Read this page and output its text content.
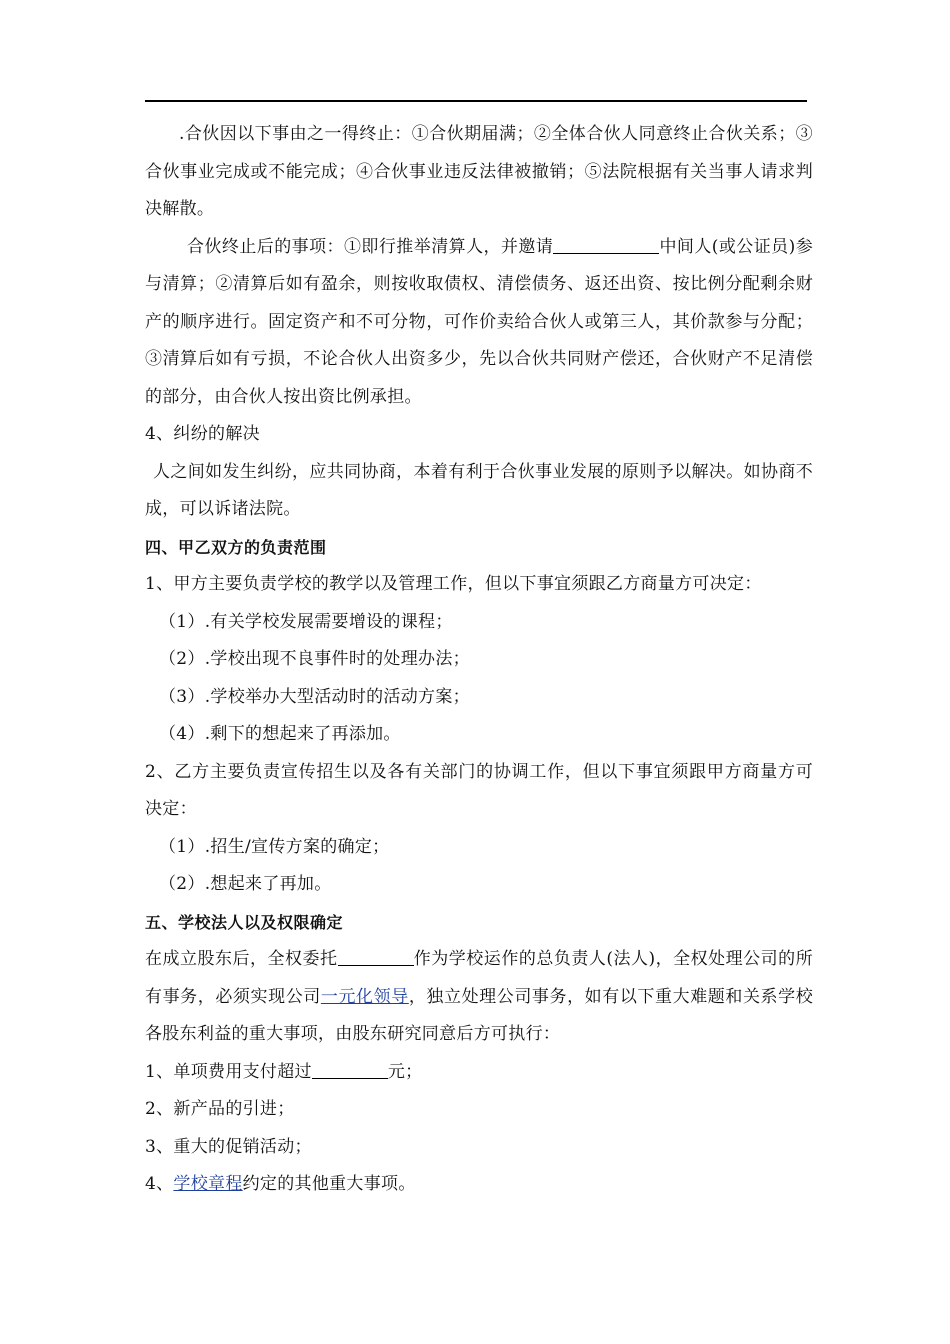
.合伙因以下事由之一得终止：①合伙期届满；②全体合伙人同意终止合伙关系；③合伙事业完成或不能完成；④合伙事业违反法律被撤销；⑤法院根据有关当事人请求判决解散。

合伙终止后的事项：①即行推举清算人，并邀请	中间人(或公证员)参与清算；②清算后如有盈余，则按收取债权、清偿债务、返还出资、按比例分配剩余财产的顺序进行。固定资产和不可分物，可作价卖给合伙人或第三人，其价款参与分配；③清算后如有亏损，不论合伙人出资多少，先以合伙共同财产偿还，合伙财产不足清偿的部分，由合伙人按出资比例承担。

4、纠纷的解决

人之间如发生纠纷，应共同协商，本着有利于合伙事业发展的原则予以解决。如协商不成，可以诉诸法院。

四、甲乙双方的负责范围

1、甲方主要负责学校的教学以及管理工作，但以下事宜须跟乙方商量方可决定：

（1）.有关学校发展需要增设的课程；

（2）.学校出现不良事件时的处理办法；

（3）.学校举办大型活动时的活动方案；

（4）.剩下的想起来了再添加。

2、乙方主要负责宣传招生以及各有关部门的协调工作，但以下事宜须跟甲方商量方可决定：

（1）.招生/宣传方案的确定；

（2）.想起来了再加。

五、学校法人以及权限确定

在成立股东后，全权委托	作为学校运作的总负责人(法人)，全权处理公司的所有事务，必须实现公司一元化领导，独立处理公司事务，如有以下重大难题和关系学校各股东利益的重大事项，由股东研究同意后方可执行：

1、单项费用支付超过	元；

2、新产品的引进；

3、重大的促销活动；

4、学校章程约定的其他重大事项。
